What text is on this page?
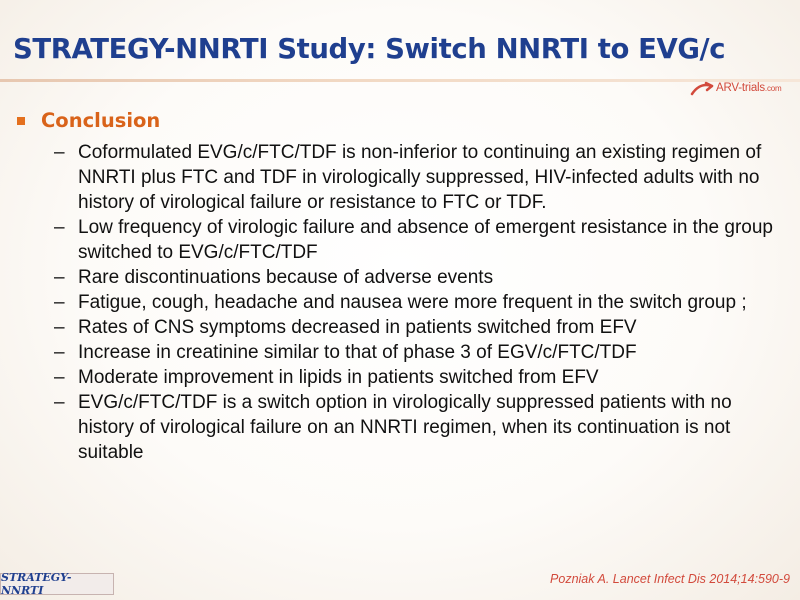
STRATEGY-NNRTI Study: Switch NNRTI to EVG/c
ARV-trials.com
Conclusion
– Coformulated EVG/c/FTC/TDF is non-inferior to continuing an existing regimen of NNRTI plus FTC and TDF in virologically suppressed, HIV-infected adults with no history of virological failure or resistance to FTC or TDF.
– Low frequency of virologic failure and absence of emergent resistance in the group switched to EVG/c/FTC/TDF
– Rare discontinuations because of adverse events
– Fatigue, cough, headache and nausea were more frequent in the switch group ;
– Rates of CNS symptoms decreased in patients switched from EFV
– Increase in creatinine similar to that of phase 3 of EGV/c/FTC/TDF
– Moderate improvement in lipids in patients switched from EFV
– EVG/c/FTC/TDF is a switch option in virologically suppressed patients with no history of virological failure on an NNRTI regimen, when its continuation is not suitable
STRATEGY-NNRTI
Pozniak A. Lancet Infect Dis 2014;14:590-9
